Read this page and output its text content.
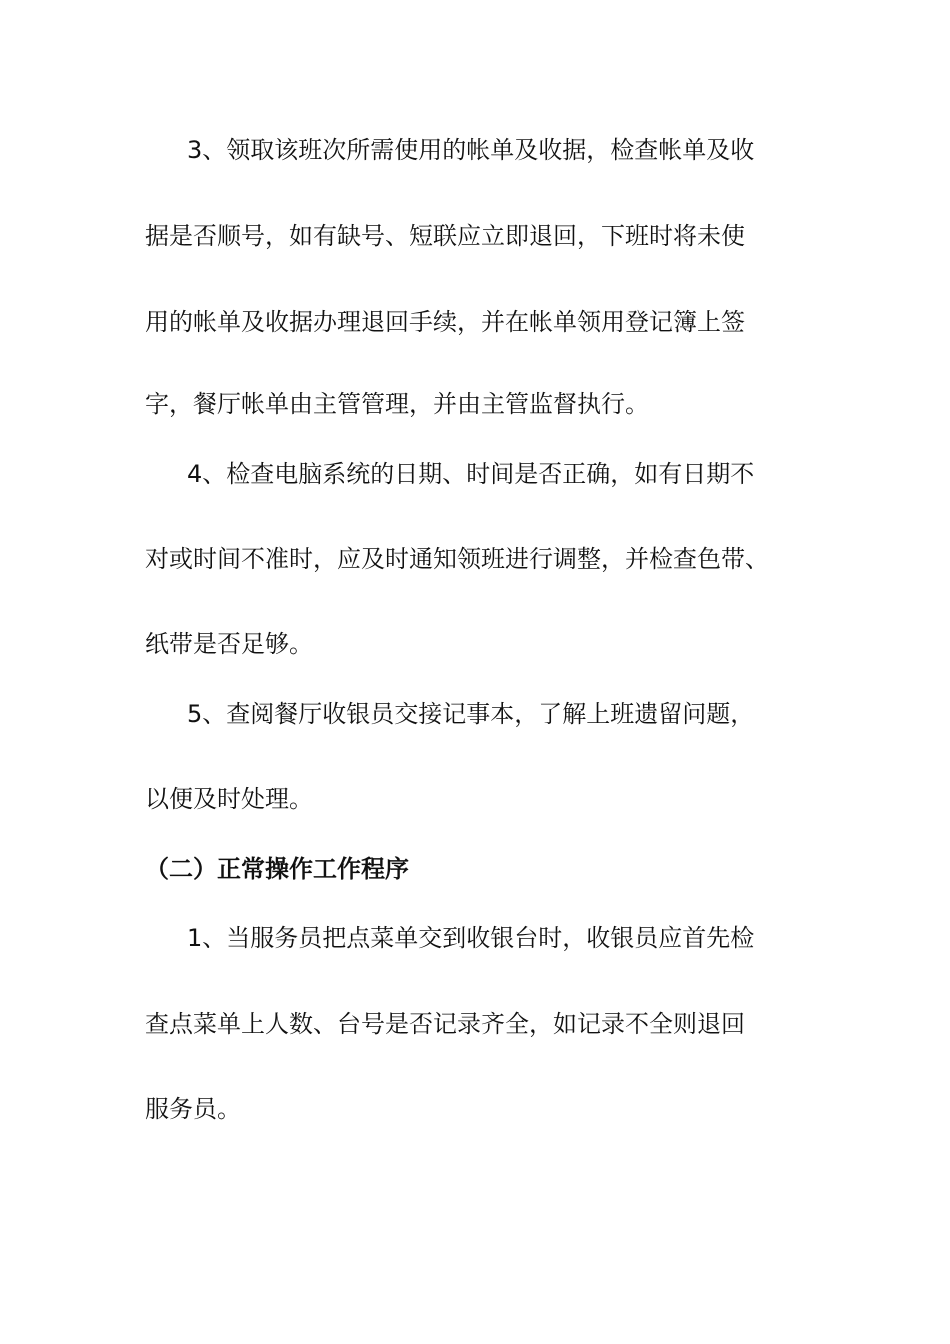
3、领取该班次所需使用的帐单及收据，检查帐单及收
据是否顺号，如有缺号、短联应立即退回，下班时将未使
用的帐单及收据办理退回手续，并在帐单领用登记簿上签
字，餐厅帐单由主管管理，并由主管监督执行。
4、检查电脑系统的日期、时间是否正确，如有日期不
对或时间不准时，应及时通知领班进行调整，并检查色带、
纸带是否足够。
5、查阅餐厅收银员交接记事本，了解上班遗留问题，
以便及时处理。
（二）正常操作工作程序
1、当服务员把点菜单交到收银台时，收银员应首先检
查点菜单上人数、台号是否记录齐全，如记录不全则退回
服务员。
